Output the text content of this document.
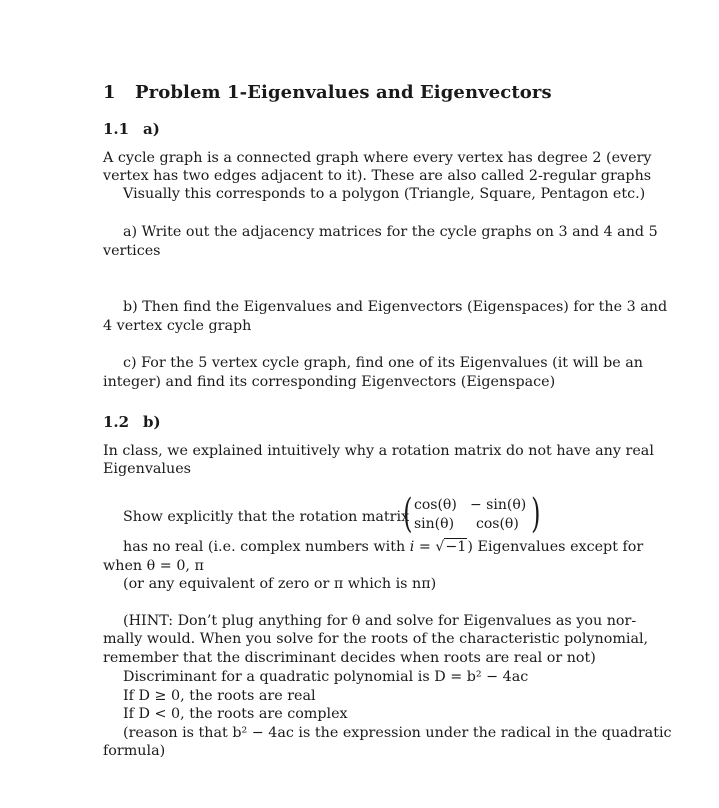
1 Problem 1-Eigenvalues and Eigenvectors
1.1 a)
A cycle graph is a connected graph where every vertex has degree 2 (every
vertex has two edges adjacent to it). These are also called 2-regular graphs
Visually this corresponds to a polygon (Triangle, Square, Pentagon etc.)
a) Write out the adjacency matrices for the cycle graphs on 3 and 4 and 5
vertices
b) Then find the Eigenvalues and Eigenvectors (Eigenspaces) for the 3 and
4 vertex cycle graph
c) For the 5 vertex cycle graph, find one of its Eigenvalues (it will be an
integer) and find its corresponding Eigenvectors (Eigenspace)
1.2 b)
In class, we explained intuitively why a rotation matrix do not have any real
Eigenvalues
Show explicitly that the rotation matrix
( cos(θ) − sin(θ)
sin(θ) cos(θ) )
has no real (i.e. complex numbers with i = √−1) Eigenvalues except for
when θ = 0, π
(or any equivalent of zero or π which is nπ)
(HINT: Don’t plug anything for θ and solve for Eigenvalues as you nor-
mally would. When you solve for the roots of the characteristic polynomial,
remember that the discriminant decides when roots are real or not)
Discriminant for a quadratic polynomial is D = b² − 4ac
If D ≥ 0, the roots are real
If D < 0, the roots are complex
(reason is that b² − 4ac is the expression under the radical in the quadratic
formula)
